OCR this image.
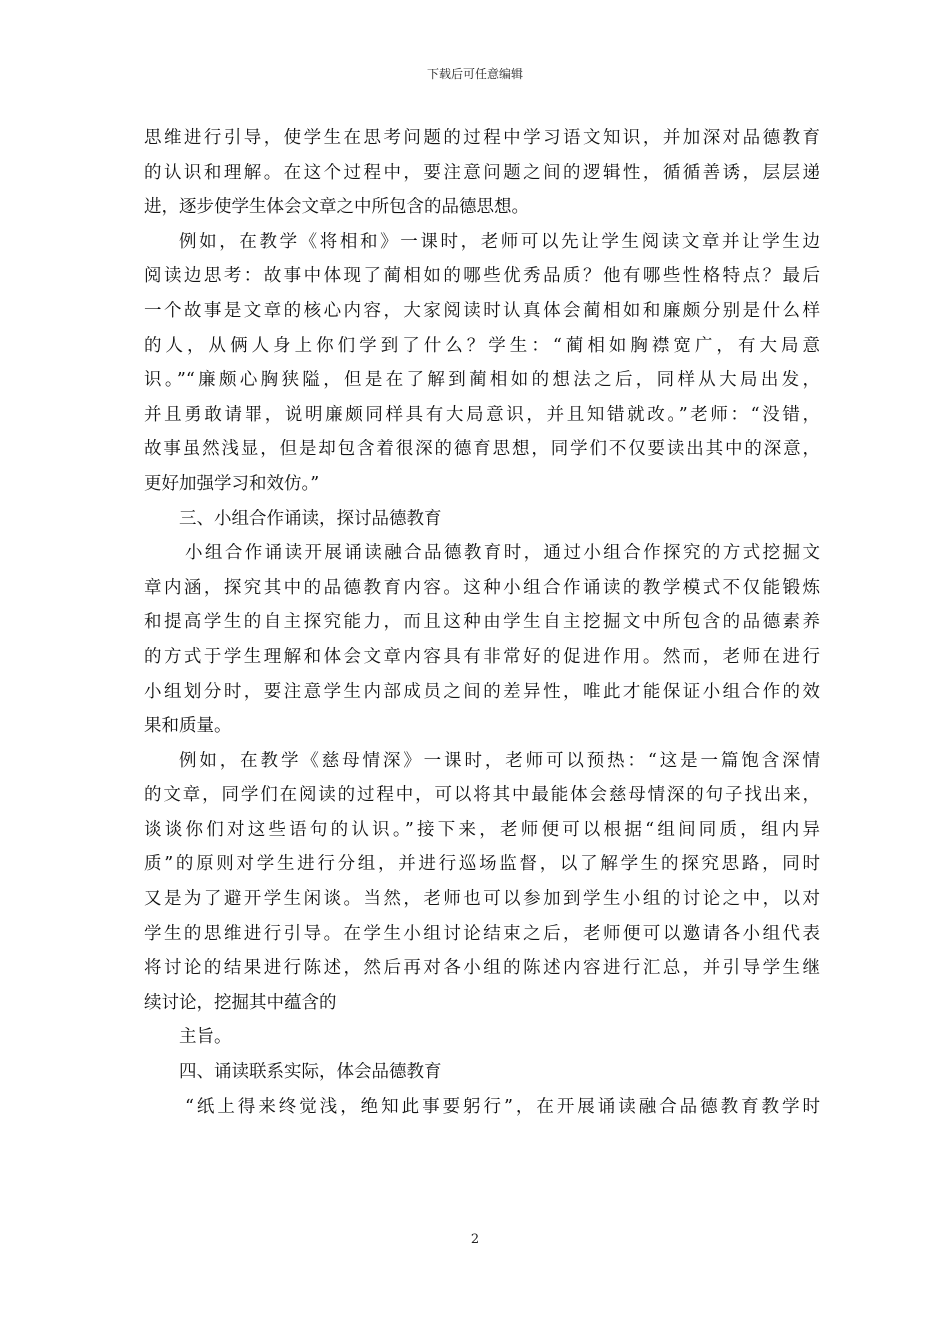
下载后可任意编辑
思维进行引导，使学生在思考问题的过程中学习语文知识，并加深对品德教育
的认识和理解。在这个过程中，要注意问题之间的逻辑性，循循善诱，层层递
进，逐步使学生体会文章之中所包含的品德思想。
例如，在教学《将相和》一课时，老师可以先让学生阅读文章并让学生边
阅读边思考：故事中体现了蔺相如的哪些优秀品质？他有哪些性格特点？最后
一个故事是文章的核心内容，大家阅读时认真体会蔺相如和廉颇分别是什么样
的人，从俩人身上你们学到了什么？学生：“蔺相如胸襟宽广，有大局意
识。”“廉颇心胸狭隘，但是在了解到蔺相如的想法之后，同样从大局出发，
并且勇敢请罪，说明廉颇同样具有大局意识，并且知错就改。”老师：“没错，
故事虽然浅显，但是却包含着很深的德育思想，同学们不仅要读出其中的深意，
更好加强学习和效仿。”
三、小组合作诵读，探讨品德教育
小组合作诵读开展诵读融合品德教育时，通过小组合作探究的方式挖掘文
章内涵，探究其中的品德教育内容。这种小组合作诵读的教学模式不仅能锻炼
和提高学生的自主探究能力，而且这种由学生自主挖掘文中所包含的品德素养
的方式于学生理解和体会文章内容具有非常好的促进作用。然而，老师在进行
小组划分时，要注意学生内部成员之间的差异性，唯此才能保证小组合作的效
果和质量。
例如，在教学《慈母情深》一课时，老师可以预热：“这是一篇饱含深情
的文章，同学们在阅读的过程中，可以将其中最能体会慈母情深的句子找出来，
谈谈你们对这些语句的认识。”接下来，老师便可以根据“组间同质，组内异
质”的原则对学生进行分组，并进行巡场监督，以了解学生的探究思路，同时
又是为了避开学生闲谈。当然，老师也可以参加到学生小组的讨论之中，以对
学生的思维进行引导。在学生小组讨论结束之后，老师便可以邀请各小组代表
将讨论的结果进行陈述，然后再对各小组的陈述内容进行汇总，并引导学生继
续讨论，挖掘其中蕴含的
主旨。
四、诵读联系实际，体会品德教育
“纸上得来终觉浅，绝知此事要躬行”，在开展诵读融合品德教育教学时
2
